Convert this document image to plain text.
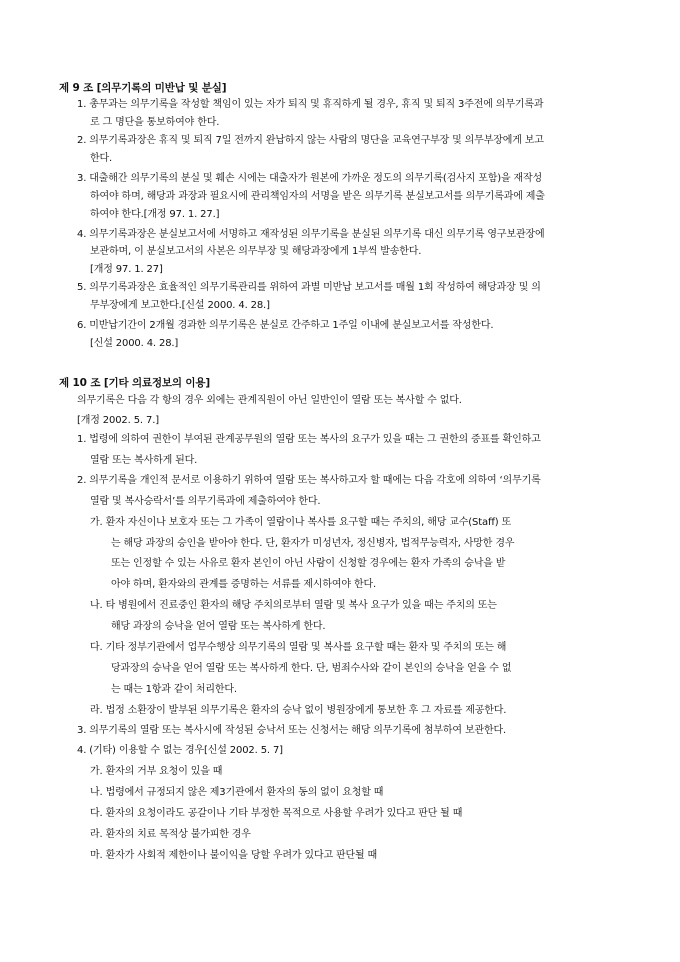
제 9 조 [의무기록의 미반납 및 분실]
1. 총무과는 의무기록을 작성할 책임이 있는 자가 퇴직 및 휴직하게 될 경우, 휴직 및 퇴직 3주전에 의무기록과
로 그 명단을 통보하여야 한다.
2. 의무기록과장은 휴직 및 퇴직 7일 전까지 완납하지 않는 사람의 명단을 교육연구부장 및 의무부장에게 보고
한다.
3. 대출해간 의무기록의 분실 및 훼손 시에는 대출자가 원본에 가까운 정도의 의무기록(검사지 포함)을 재작성
하여야 하며, 해당과 과장과 필요시에 관리책임자의 서명을 받은 의무기록 분실보고서를 의무기록과에 제출
하여야 한다.[개정 97. 1. 27.]
4. 의무기록과장은 분실보고서에 서명하고 재작성된 의무기록을 분실된 의무기록 대신 의무기록 영구보관장에
보관하며, 이 분실보고서의 사본은 의무부장 및 해당과장에게 1부씩 발송한다.
[개정 97. 1. 27]
5. 의무기록과장은 효율적인 의무기록관리를 위하여 과별 미반납 보고서를 매월 1회 작성하여 해당과장 및 의
무부장에게 보고한다.[신설 2000. 4. 28.]
6. 미반납기간이 2개월 경과한 의무기록은 분실로 간주하고 1주일 이내에 분실보고서를 작성한다.
[신설 2000. 4. 28.]
제 10 조 [기타 의료정보의 이용]
의무기록은 다음 각 항의 경우 외에는 관계직원이 아닌 일반인이 열람 또는 복사할 수 없다.
[개정 2002. 5. 7.]
1. 법령에 의하여 권한이 부여된 관계공무원의 열람 또는 복사의 요구가 있을 때는 그 권한의 증표를 확인하고
열람 또는 복사하게 된다.
2. 의무기록을 개인적 문서로 이용하기 위하여 열람 또는 복사하고자 할 때에는 다음 각호에 의하여 ‘의무기록
열람 및 복사승락서’를 의무기록과에 제출하여야 한다.
가. 환자 자신이나 보호자 또는 그 가족이 열람이나 복사를 요구할 때는 주치의, 해당 교수(Staff) 또
는 해당 과장의 승인을 받아야 한다. 단, 환자가 미성년자, 정신병자, 법적무능력자, 사망한 경우
또는 인정할 수 있는 사유로 환자 본인이 아닌 사람이 신청할 경우에는 환자 가족의 승낙을 받
아야 하며, 환자와의 관계를 증명하는 서류를 제시하여야 한다.
나. 타 병원에서 진료중인 환자의 해당 주치의로부터 열람 및 복사 요구가 있을 때는 주치의 또는
해당 과장의 승낙을 얻어 열람 또는 복사하게 한다.
다. 기타 정부기관에서 업무수행상 의무기록의 열람 및 복사를 요구할 때는 환자 및 주치의 또는 해
당과장의 승낙을 얻어 열람 또는 복사하게 한다. 단, 범죄수사와 같이 본인의 승낙을 얻을 수 없
는 때는 1항과 같이 처리한다.
라. 법정 소환장이 발부된 의무기록은 환자의 승낙 없이 병원장에게 통보한 후 그 자료를 제공한다.
3. 의무기록의 열람 또는 복사시에 작성된 승낙서 또는 신청서는 해당 의무기록에 첨부하여 보관한다.
4. (기타) 이용할 수 없는 경우[신설 2002. 5. 7]
가. 환자의 거부 요청이 있을 때
나. 법령에서 규정되지 않은 제3기관에서 환자의 동의 없이 요청할 때
다. 환자의 요청이라도 공갈이나 기타 부정한 목적으로 사용할 우려가 있다고 판단 될 때
라. 환자의 치료 목적상 불가피한 경우
마. 환자가 사회적 제한이나 불이익을 당할 우려가 있다고 판단될 때
